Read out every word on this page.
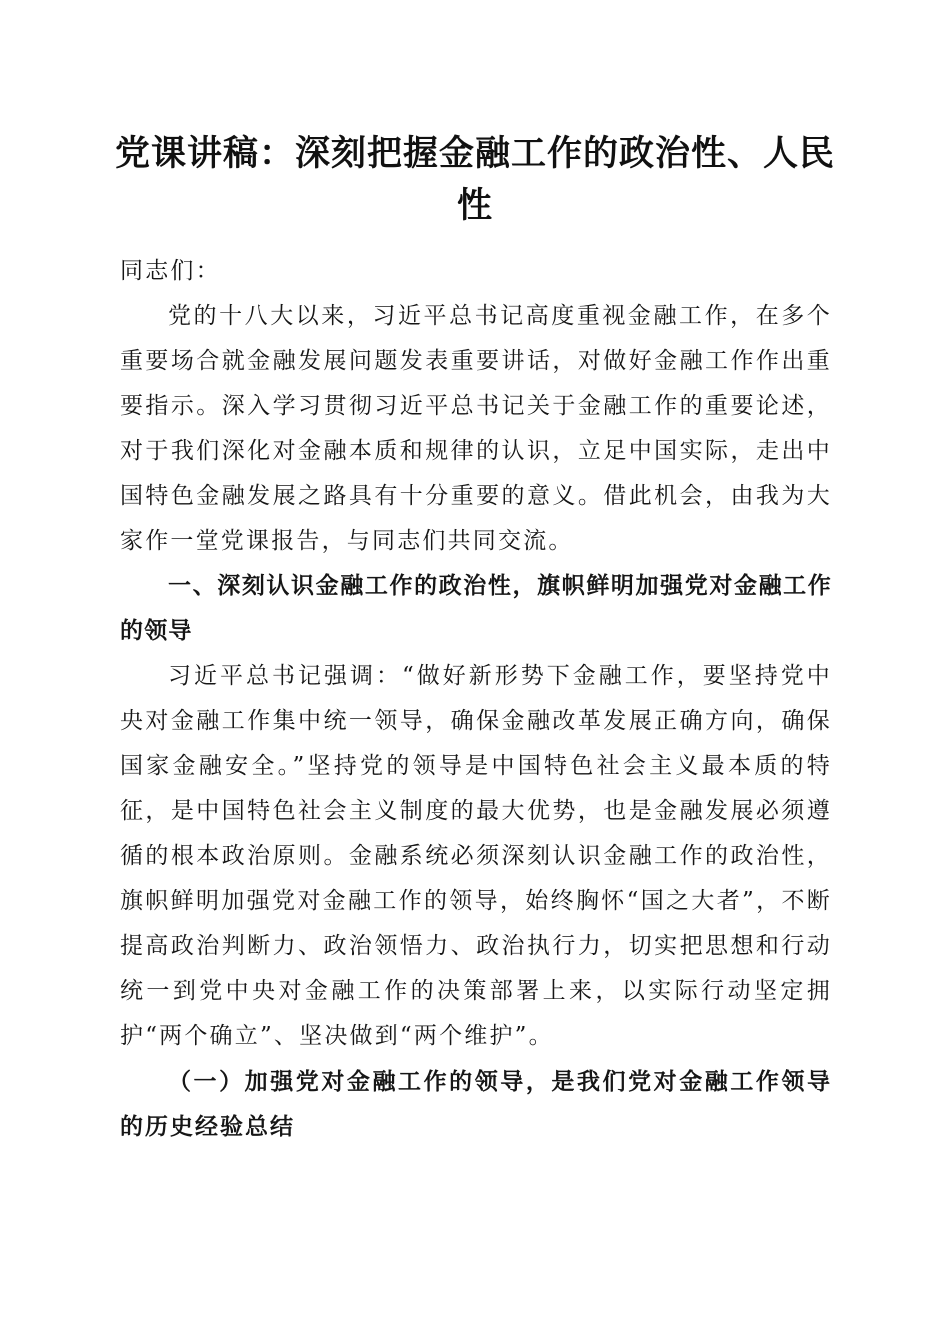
党课讲稿：深刻把握金融工作的政治性、人民性

同志们：

党的十八大以来，习近平总书记高度重视金融工作，在多个重要场合就金融发展问题发表重要讲话，对做好金融工作作出重要指示。深入学习贯彻习近平总书记关于金融工作的重要论述，对于我们深化对金融本质和规律的认识，立足中国实际，走出中国特色金融发展之路具有十分重要的意义。借此机会，由我为大家作一堂党课报告，与同志们共同交流。

一、深刻认识金融工作的政治性，旗帜鲜明加强党对金融工作的领导

习近平总书记强调：“做好新形势下金融工作，要坚持党中央对金融工作集中统一领导，确保金融改革发展正确方向，确保国家金融安全。”坚持党的领导是中国特色社会主义最本质的特征，是中国特色社会主义制度的最大优势，也是金融发展必须遵循的根本政治原则。金融系统必须深刻认识金融工作的政治性，旗帜鲜明加强党对金融工作的领导，始终胸怀“国之大者”，不断提高政治判断力、政治领悟力、政治执行力，切实把思想和行动统一到党中央对金融工作的决策部署上来，以实际行动坚定拥护“两个确立”、坚决做到“两个维护”。

（一）加强党对金融工作的领导，是我们党对金融工作领导的历史经验总结
